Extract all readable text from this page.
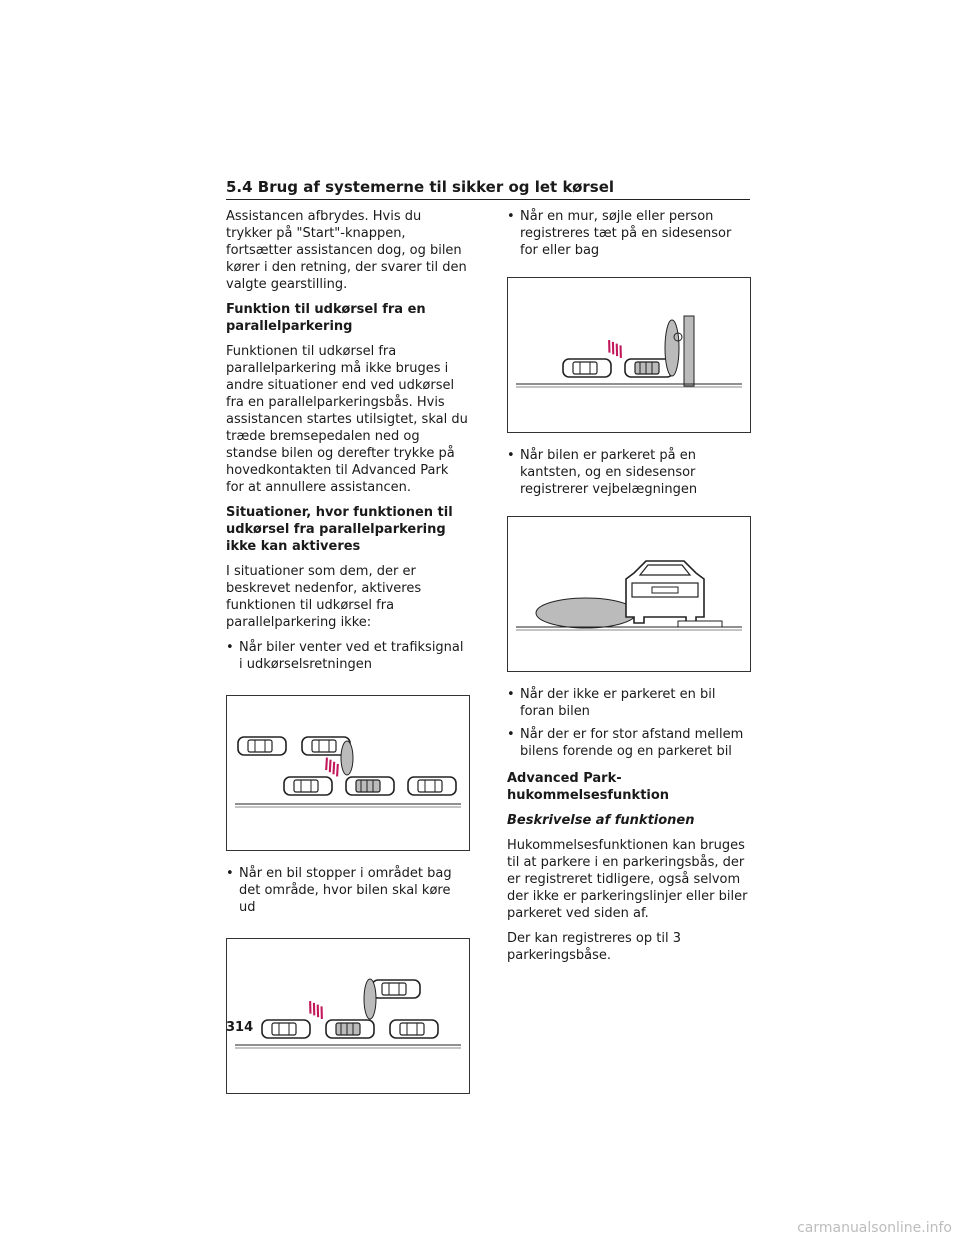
5.4 Brug af systemerne til sikker og let kørsel

Assistancen afbrydes. Hvis du trykker på "Start"-knappen, fortsætter assistancen dog, og bilen kører i den retning, der svarer til den valgte gearstilling.

Funktion til udkørsel fra en parallelparkering

Funktionen til udkørsel fra parallelparkering må ikke bruges i andre situationer end ved udkørsel fra en parallelparkeringsbås. Hvis assistancen startes utilsigtet, skal du træde bremsepedalen ned og standse bilen og derefter trykke på hovedkontakten til Advanced Park for at annullere assistancen.

Situationer, hvor funktionen til udkørsel fra parallelparkering ikke kan aktiveres

I situationer som dem, der er beskrevet nedenfor, aktiveres funktionen til udkørsel fra parallelparkering ikke:

• Når biler venter ved et trafiksignal i udkørselsretningen
• Når en bil stopper i området bag det område, hvor bilen skal køre ud
• Når en mur, søjle eller person registreres tæt på en sidesensor for eller bag
• Når bilen er parkeret på en kantsten, og en sidesensor registrerer vejbelægningen
• Når der ikke er parkeret en bil foran bilen
• Når der er for stor afstand mellem bilens forende og en parkeret bil
Advanced Park-hukommelsesfunktion
Beskrivelse af funktionen

Hukommelsesfunktionen kan bruges til at parkere i en parkeringsbås, der er registreret tidligere, også selvom der ikke er parkeringslinjer eller biler parkeret ved siden af.

Der kan registreres op til 3 parkeringsbåse.

314
carmanualsonline.info
